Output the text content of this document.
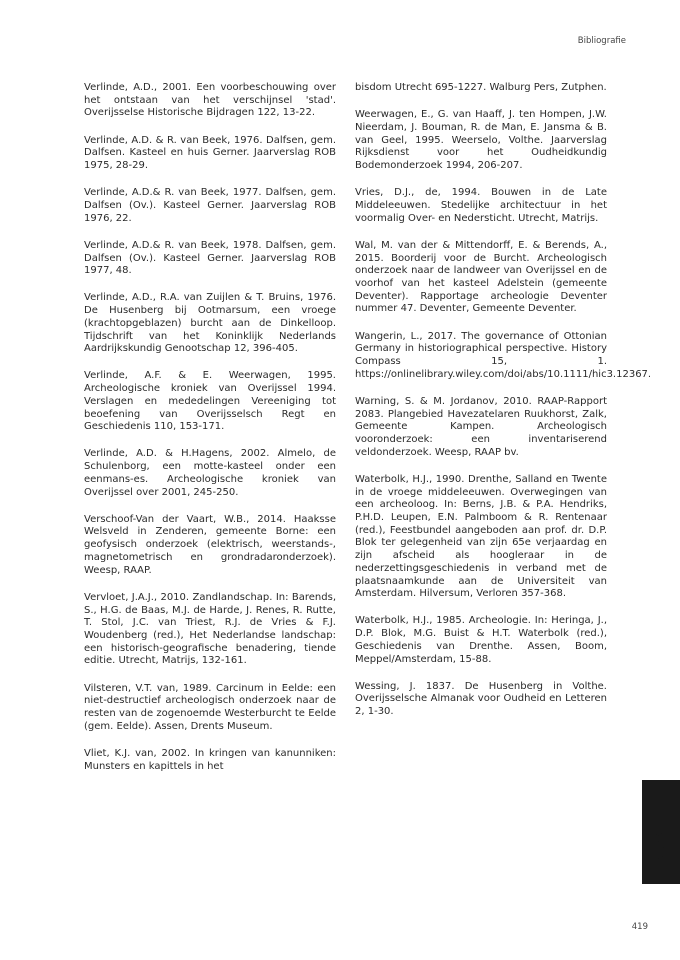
Bibliografie

Verlinde, A.D., 2001. Een voorbeschouwing over het ontstaan van het verschijnsel 'stad'. Overijsselse Historische Bijdragen 122, 13-22.

Verlinde, A.D. & R. van Beek, 1976. Dalfsen, gem. Dalfsen. Kasteel en huis Gerner. Jaarverslag ROB 1975, 28-29.

Verlinde, A.D.& R. van Beek, 1977. Dalfsen, gem. Dalfsen (Ov.). Kasteel Gerner. Jaarverslag ROB 1976, 22.

Verlinde, A.D.& R. van Beek, 1978. Dalfsen, gem. Dalfsen (Ov.). Kasteel Gerner. Jaarverslag ROB 1977, 48.

Verlinde, A.D., R.A. van Zuijlen & T. Bruins, 1976. De Husenberg bij Ootmarsum, een vroege (krachtopgeblazen) burcht aan de Dinkelloop. Tijdschrift van het Koninklijk Nederlands Aardrijkskundig Genootschap 12, 396-405.

Verlinde, A.F. & E. Weerwagen, 1995. Archeologische kroniek van Overijssel 1994. Verslagen en mededelingen Vereeniging tot beoefening van Overijsselsch Regt en Geschiedenis 110, 153-171.

Verlinde, A.D. & H.Hagens, 2002. Almelo, de Schulenborg, een motte-kasteel onder een eenmans-es. Archeologische kroniek van Overijssel over 2001, 245-250.

Verschoof-Van der Vaart, W.B., 2014. Haaksse Welsveld in Zenderen, gemeente Borne: een geofysisch onderzoek (elektrisch, weerstands-, magnetometrisch en grondradaronderzoek). Weesp, RAAP.

Vervloet, J.A.J., 2010. Zandlandschap. In: Barends, S., H.G. de Baas, M.J. de Harde, J. Renes, R. Rutte, T. Stol, J.C. van Triest, R.J. de Vries & F.J. Woudenberg (red.), Het Nederlandse landschap: een historisch-geografische benadering, tiende editie. Utrecht, Matrijs, 132-161.

Vilsteren, V.T. van, 1989. Carcinum in Eelde: een niet-destructief archeologisch onderzoek naar de resten van de zogenoemde Westerburcht te Eelde (gem. Eelde). Assen, Drents Museum.

Vliet, K.J. van, 2002. In kringen van kanunniken: Munsters en kapittels in het

bisdom Utrecht 695-1227. Walburg Pers, Zutphen.

Weerwagen, E., G. van Haaff, J. ten Hompen, J.W. Nieerdam, J. Bouman, R. de Man, E. Jansma & B. van Geel, 1995. Weerselo, Volthe. Jaarverslag Rijksdienst voor het Oudheidkundig Bodemonderzoek 1994, 206-207.

Vries, D.J., de, 1994. Bouwen in de Late Middeleeuwen. Stedelijke architectuur in het voormalig Over- en Nedersticht. Utrecht, Matrijs.

Wal, M. van der & Mittendorff, E. & Berends, A., 2015. Boorderij voor de Burcht. Archeologisch onderzoek naar de landweer van Overijssel en de voorhof van het kasteel Adelstein (gemeente Deventer). Rapportage archeologie Deventer nummer 47. Deventer, Gemeente Deventer.

Wangerin, L., 2017. The governance of Ottonian Germany in historiographical perspective. History Compass 15, 1. https://onlinelibrary.wiley.com/doi/abs/10.1111/hic3.12367.

Warning, S. & M. Jordanov, 2010. RAAP-Rapport 2083. Plangebied Havezatelaren Ruukhorst, Zalk, Gemeente Kampen. Archeologisch vooronderzoek: een inventariserend veldonderzoek. Weesp, RAAP bv.

Waterbolk, H.J., 1990. Drenthe, Salland en Twente in de vroege middeleeuwen. Overwegingen van een archeoloog. In: Berns, J.B. & P.A. Hendriks, P.H.D. Leupen, E.N. Palmboom & R. Rentenaar (red.), Feestbundel aangeboden aan prof. dr. D.P. Blok ter gelegenheid van zijn 65e verjaardag en zijn afscheid als hoogleraar in de nederzettingsgeschiedenis in verband met de plaatsnaamkunde aan de Universiteit van Amsterdam. Hilversum, Verloren 357-368.

Waterbolk, H.J., 1985. Archeologie. In: Heringa, J., D.P. Blok, M.G. Buist & H.T. Waterbolk (red.), Geschiedenis van Drenthe. Assen, Boom, Meppel/Amsterdam, 15-88.

Wessing, J. 1837. De Husenberg in Volthe. Overijsselsche Almanak voor Oudheid en Letteren 2, 1-30.

B
419
